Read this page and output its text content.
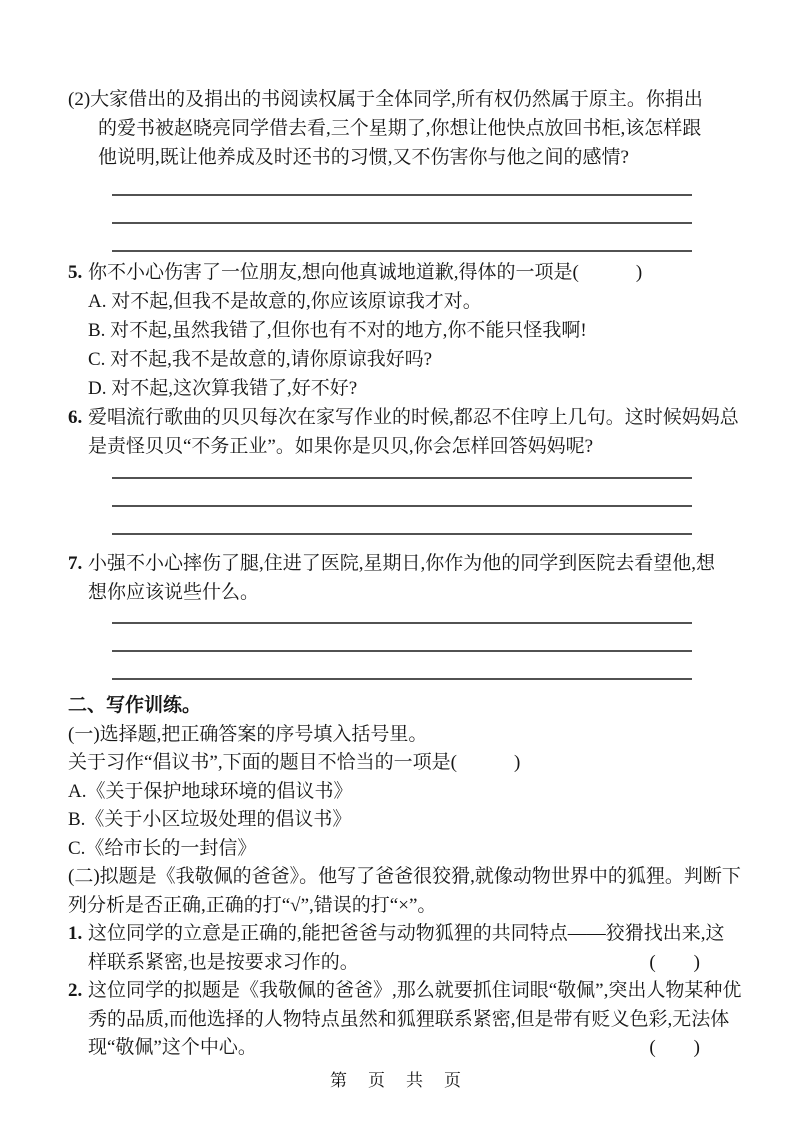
(2)大家借出的及捐出的书阅读权属于全体同学,所有权仍然属于原主。你捐出
的爱书被赵晓亮同学借去看,三个星期了,你想让他快点放回书柜,该怎样跟
他说明,既让他养成及时还书的习惯,又不伤害你与他之间的感情?
5. 你不小心伤害了一位朋友,想向他真诚地道歉,得体的一项是(　　　)
A. 对不起,但我不是故意的,你应该原谅我才对。
B. 对不起,虽然我错了,但你也有不对的地方,你不能只怪我啊!
C. 对不起,我不是故意的,请你原谅我好吗?
D. 对不起,这次算我错了,好不好?
6. 爱唱流行歌曲的贝贝每次在家写作业的时候,都忍不住哼上几句。这时候妈妈总
是责怪贝贝“不务正业”。如果你是贝贝,你会怎样回答妈妈呢?
7. 小强不小心摔伤了腿,住进了医院,星期日,你作为他的同学到医院去看望他,想
想你应该说些什么。
二、写作训练。
(一)选择题,把正确答案的序号填入括号里。
关于习作“倡议书”,下面的题目不恰当的一项是(　　　)
A.《关于保护地球环境的倡议书》
B.《关于小区垃圾处理的倡议书》
C.《给市长的一封信》
(二)拟题是《我敬佩的爸爸》。他写了爸爸很狡猾,就像动物世界中的狐狸。判断下
列分析是否正确,正确的打“√”,错误的打“×”。
1. 这位同学的立意是正确的,能把爸爸与动物狐狸的共同特点——狡猾找出来,这
样联系紧密,也是按要求习作的。	(　　)
2. 这位同学的拟题是《我敬佩的爸爸》,那么就要抓住词眼“敬佩”,突出人物某种优
秀的品质,而他选择的人物特点虽然和狐狸联系紧密,但是带有贬义色彩,无法体
现“敬佩”这个中心。	(　　)
第　页　共　页
